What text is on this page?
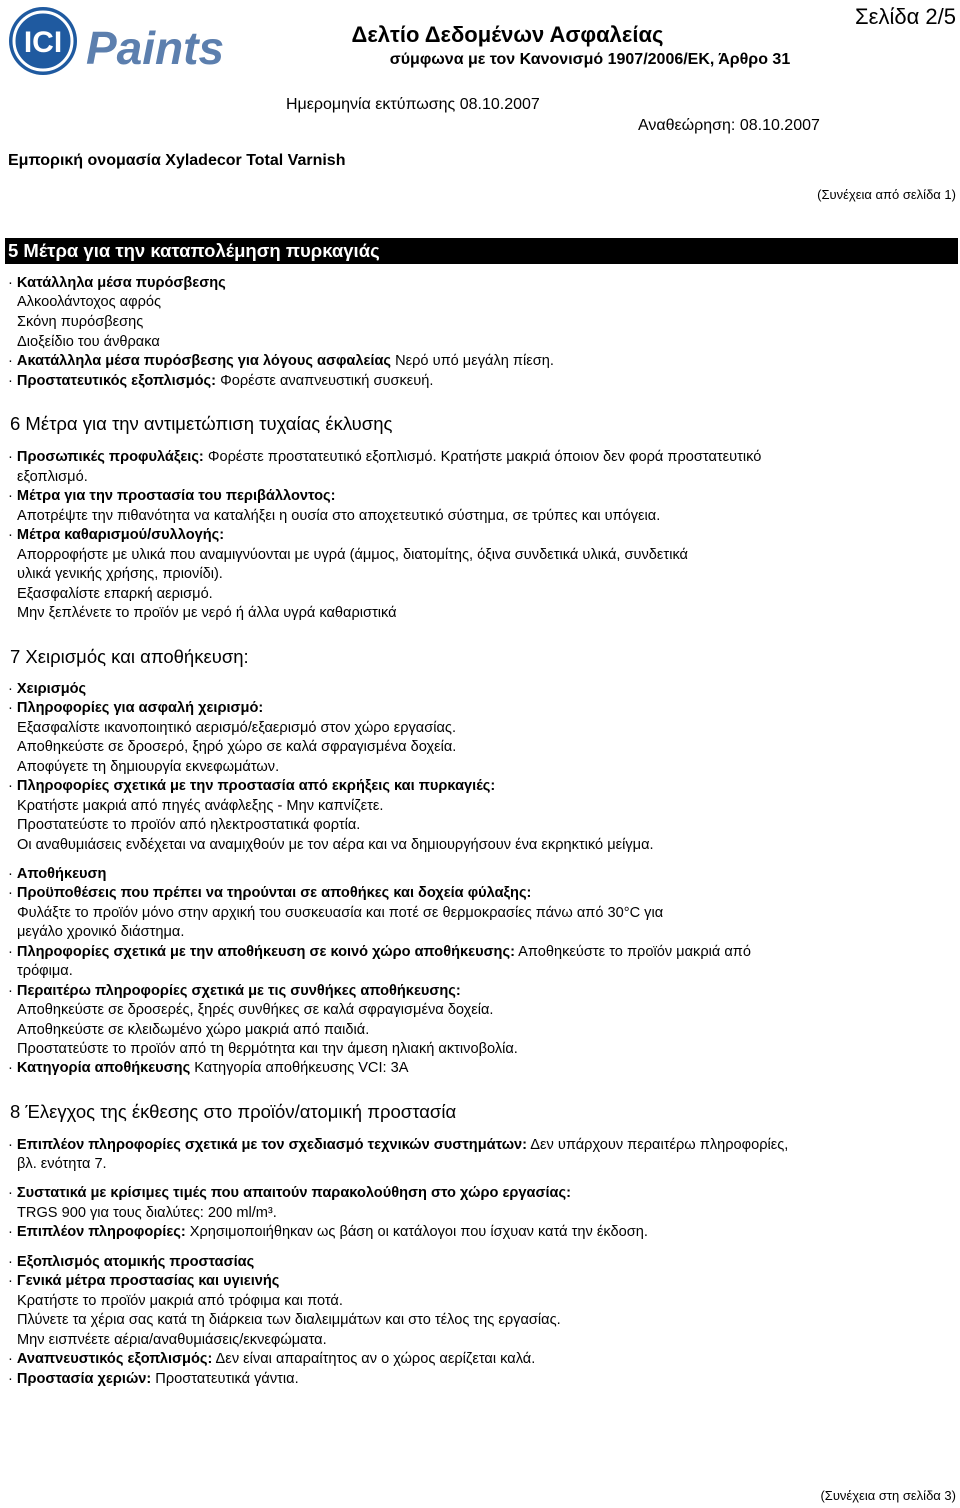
ICI Paints	Δελτίο Δεδομένων Ασφαλείας
σύμφωνα με τον Κανονισμό 1907/2006/ΕΚ, Άρθρο 31
Σελίδα 2/5
Ημερομηνία εκτύπωσης 08.10.2007
Αναθεώρηση: 08.10.2007
Εμπορική ονομασία Xyladecor Total Varnish
(Συνέχεια από σελίδα 1)
5 Μέτρα για την καταπολέμηση πυρκαγιάς
· Κατάλληλα μέσα πυρόσβεσης
Αλκοολάντοχος αφρός
Σκόνη πυρόσβεσης
Διοξείδιο του άνθρακα
· Ακατάλληλα μέσα πυρόσβεσης για λόγους ασφαλείας Νερό υπό μεγάλη πίεση.
· Προστατευτικός εξοπλισμός: Φορέστε αναπνευστική συσκευή.
6 Μέτρα για την αντιμετώπιση τυχαίας έκλυσης
· Προσωπικές προφυλάξεις: Φορέστε προστατευτικό εξοπλισμό. Κρατήστε μακριά όποιον δεν φορά προστατευτικό
εξοπλισμό.
· Μέτρα για την προστασία του περιβάλλοντος:
Αποτρέψτε την πιθανότητα να καταλήξει η ουσία στο αποχετευτικό σύστημα, σε τρύπες και υπόγεια.
· Μέτρα καθαρισμού/συλλογής:
Απορροφήστε με υλικά που αναμιγνύονται με υγρά (άμμος, διατομίτης, όξινα συνδετικά υλικά, συνδετικά
υλικά γενικής χρήσης, πριονίδι).
Εξασφαλίστε επαρκή αερισμό.
Μην ξεπλένετε το προϊόν με νερό ή άλλα υγρά καθαριστικά
7 Χειρισμός και αποθήκευση:
· Χειρισμός
· Πληροφορίες για ασφαλή χειρισμό:
Εξασφαλίστε ικανοποιητικό αερισμό/εξαερισμό στον χώρο εργασίας.
Αποθηκεύστε σε δροσερό, ξηρό χώρο σε καλά σφραγισμένα δοχεία.
Αποφύγετε τη δημιουργία εκνεφωμάτων.
· Πληροφορίες σχετικά με την προστασία από εκρήξεις και πυρκαγιές:
Κρατήστε μακριά από πηγές ανάφλεξης - Μην καπνίζετε.
Προστατεύστε το προϊόν από ηλεκτροστατικά φορτία.
Οι αναθυμιάσεις ενδέχεται να αναμιχθούν με τον αέρα και να δημιουργήσουν ένα εκρηκτικό μείγμα.
· Αποθήκευση
· Προϋποθέσεις που πρέπει να τηρούνται σε αποθήκες και δοχεία φύλαξης:
Φυλάξτε το προϊόν μόνο στην αρχική του συσκευασία και ποτέ σε θερμοκρασίες πάνω από 30°C για
μεγάλο χρονικό διάστημα.
· Πληροφορίες σχετικά με την αποθήκευση σε κοινό χώρο αποθήκευσης: Αποθηκεύστε το προϊόν μακριά από
τρόφιμα.
· Περαιτέρω πληροφορίες σχετικά με τις συνθήκες αποθήκευσης:
Αποθηκεύστε σε δροσερές, ξηρές συνθήκες σε καλά σφραγισμένα δοχεία.
Αποθηκεύστε σε κλειδωμένο χώρο μακριά από παιδιά.
Προστατεύστε το προϊόν από τη θερμότητα και την άμεση ηλιακή ακτινοβολία.
· Κατηγορία αποθήκευσης Κατηγορία αποθήκευσης VCI: 3A
8 Έλεγχος της έκθεσης στο προϊόν/ατομική προστασία
· Επιπλέον πληροφορίες σχετικά με τον σχεδιασμό τεχνικών συστημάτων: Δεν υπάρχουν περαιτέρω πληροφορίες,
βλ. ενότητα 7.
· Συστατικά με κρίσιμες τιμές που απαιτούν παρακολούθηση στο χώρο εργασίας:
TRGS 900 για τους διαλύτες: 200 ml/m³.
· Επιπλέον πληροφορίες: Χρησιμοποιήθηκαν ως βάση οι κατάλογοι που ίσχυαν κατά την έκδοση.
· Εξοπλισμός ατομικής προστασίας
· Γενικά μέτρα προστασίας και υγιεινής
Κρατήστε το προϊόν μακριά από τρόφιμα και ποτά.
Πλύνετε τα χέρια σας κατά τη διάρκεια των διαλειμμάτων και στο τέλος της εργασίας.
Μην εισπνέετε αέρια/αναθυμιάσεις/εκνεφώματα.
· Αναπνευστικός εξοπλισμός: Δεν είναι απαραίτητος αν ο χώρος αερίζεται καλά.
· Προστασία χεριών: Προστατευτικά γάντια.
(Συνέχεια στη σελίδα 3)
